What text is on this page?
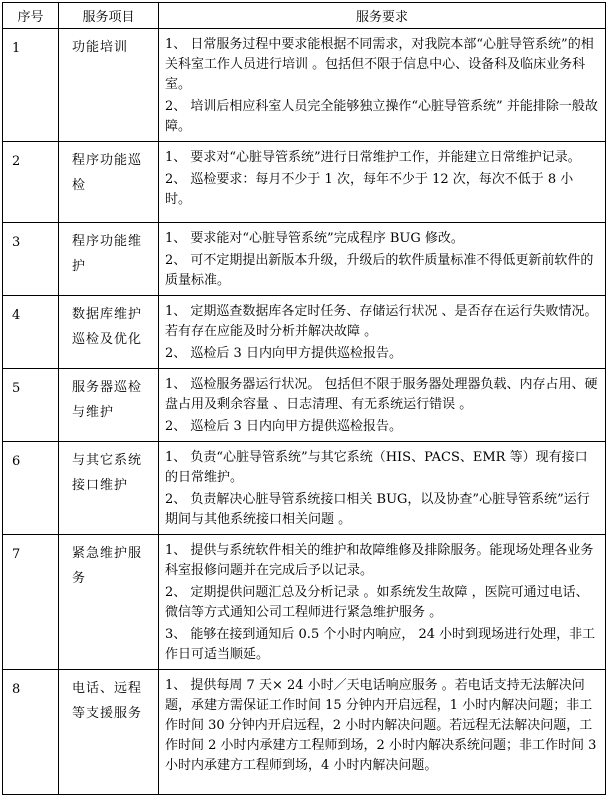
序号	服务项目	服务要求
1	功能培训	1、 日常服务过程中要求能根据不同需求，对我院本部“心脏导管系统”的相关科室工作人员进行培训 。包括但不限于信息中心、设备科及临床业务科室。

2、 培训后相应科室人员完全能够独立操作“心脏导管系统” 并能排除一般故障。

2	程序功能巡检	1、 要求对“心脏导管系统”进行日常维护工作，并能建立日常维护记录。

2、 巡检要求：每月不少于 1 次，每年不少于 12 次，每次不低于 8 小时。

3	程序功能维护	1、 要求能对“心脏导管系统”完成程序 BUG 修改。

2、 可不定期提出新版本升级，升级后的软件质量标准不得低更新前软件的质量标准。

4	数据库维护巡检及优化	1、 定期巡查数据库各定时任务、存储运行状况 、是否存在运行失败情况。若有存在应能及时分析并解决故障 。

2、 巡检后 3 日内向甲方提供巡检报告。

5	服务器巡检与维护	1、 巡检服务器运行状况。 包括但不限于服务器处理器负载、内存占用、硬盘占用及剩余容量 、日志清理、有无系统运行错误 。

2、 巡检后 3 日内向甲方提供巡检报告。

6	与其它系统接口维护	1、 负责“心脏导管系统”与其它系统（HIS、PACS、EMR 等）现有接口的日常维护。

2、 负责解决心脏导管系统接口相关 BUG，以及协查”心脏导管系统”运行期间与其他系统接口相关问题 。

7	紧急维护服务	1、 提供与系统软件相关的维护和故障维修及排除服务。能现场处理各业务科室报修问题并在完成后予以记录。

2、 定期提供问题汇总及分析记录 。如系统发生故障 ，医院可通过电话、微信等方式通知公司工程师进行紧急维护服务 。

3、 能够在接到通知后 0.5 个小时内响应， 24 小时到现场进行处理，非工作日可适当顺延。

8	电话、远程等支援服务	1、 提供每周 7 天× 24 小时／天电话响应服务 。若电话支持无法解决问题，承建方需保证工作时间 15 分钟内开启远程，1 小时内解决问题；非工作时间 30 分钟内开启远程，2 小时内解决问题。若远程无法解决问题，工作时间 2 小时内承建方工程师到场，2 小时内解决系统问题；非工作时间 3 小时内承建方工程师到场，4 小时内解决问题。
